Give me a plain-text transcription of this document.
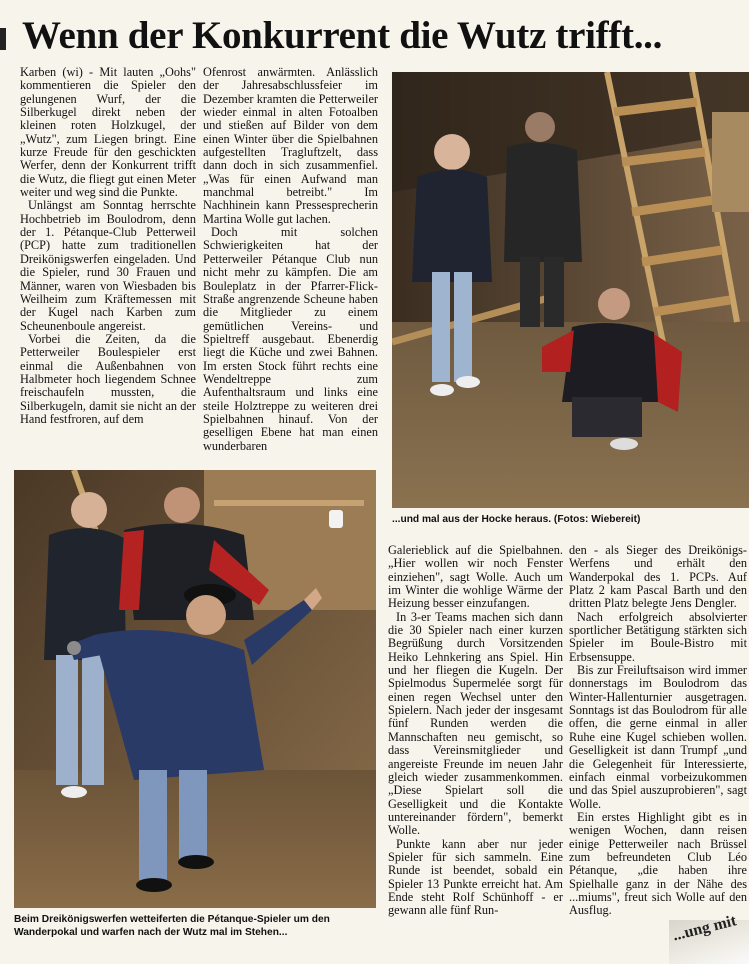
Wenn der Konkurrent die Wutz trifft...

Karben (wi) - Mit lauten „Oohs" kommentieren die Spieler den gelungenen Wurf, der die Silberkugel direkt neben der kleinen roten Holzkugel, der „Wutz", zum Liegen bringt. Eine kurze Freude für den geschickten Werfer, denn der Konkurrent trifft die Wutz, die fliegt gut einen Meter weiter und weg sind die Punkte.

Unlängst am Sonntag herrschte Hochbetrieb im Boulodrom, denn der 1. Pétanque-Club Petterweil (PCP) hatte zum traditionellen Dreikönigswerfen eingeladen. Und die Spieler, rund 30 Frauen und Männer, waren von Wiesbaden bis Weilheim zum Kräftemessen mit der Kugel nach Karben zum Scheunenboule angereist.

Vorbei die Zeiten, da die Petterweiler Boulespieler erst einmal die Außenbahnen von Halbmeter hoch liegendem Schnee freischaufeln mussten, die Silberkugeln, damit sie nicht an der Hand festfroren, auf dem

Ofenrost anwärmten. Anlässlich der Jahresabschlussfeier im Dezember kramten die Petterweiler wieder einmal in alten Fotoalben und stießen auf Bilder von dem einen Winter über die Spielbahnen aufgestellten Tragluftzelt, dass dann doch in sich zusammenfiel. „Was für einen Aufwand man manchmal betreibt." Im Nachhinein kann Pressesprecherin Martina Wolle gut lachen.

Doch mit solchen Schwierigkeiten hat der Petterweiler Pétanque Club nun nicht mehr zu kämpfen. Die am Bouleplatz in der Pfarrer-Flick-Straße angrenzende Scheune haben die Mitglieder zu einem gemütlichen Vereins- und Spieltreff ausgebaut. Ebenerdig liegt die Küche und zwei Bahnen. Im ersten Stock führt rechts eine Wendeltreppe zum Aufenthaltsraum und links eine steile Holztreppe zu weiteren drei Spielbahnen hinauf. Von der geselligen Ebene hat man einen wunderbaren

...und mal aus der Hocke heraus. (Fotos: Wiebereit)
Beim Dreikönigswerfen wetteiferten die Pétanque-Spieler um den Wanderpokal und warfen nach der Wutz mal im Stehen...

Galerieblick auf die Spielbahnen. „Hier wollen wir noch Fenster einziehen", sagt Wolle. Auch um im Winter die wohlige Wärme der Heizung besser einzufangen.

In 3-er Teams machen sich dann die 30 Spieler nach einer kurzen Begrüßung durch Vorsitzenden Heiko Lehnkering ans Spiel. Hin und her fliegen die Kugeln. Der Spielmodus Supermelée sorgt für einen regen Wechsel unter den Spielern. Nach jeder der insgesamt fünf Runden werden die Mannschaften neu gemischt, so dass Vereinsmitglieder und angereiste Freunde im neuen Jahr gleich wieder zusammenkommen. „Diese Spielart soll die Geselligkeit und die Kontakte untereinander fördern", bemerkt Wolle.

Punkte kann aber nur jeder Spieler für sich sammeln. Eine Runde ist beendet, sobald ein Spieler 13 Punkte erreicht hat. Am Ende steht Rolf Schünhoff - er gewann alle fünf Run-

den - als Sieger des Dreikönigs-Werfens und erhält den Wanderpokal des 1. PCPs. Auf Platz 2 kam Pascal Barth und den dritten Platz belegte Jens Dengler.

Nach erfolgreich absolvierter sportlicher Betätigung stärkten sich Spieler im Boule-Bistro mit Erbsensuppe.

Bis zur Freiluftsaison wird immer donnerstags im Boulodrom das Winter-Hallenturnier ausgetragen. Sonntags ist das Boulodrom für alle offen, die gerne einmal in aller Ruhe eine Kugel schieben wollen. Geselligkeit ist dann Trumpf „und die Gelegenheit für Interessierte, einfach einmal vorbeizukommen und das Spiel auszuprobieren", sagt Wolle.

Ein erstes Highlight gibt es in wenigen Wochen, dann reisen einige Petterweiler nach Brüssel zum befreundeten Club Léo Pétanque, „die haben ihre Spielhalle ganz in der Nähe des ...miums", freut sich Wolle auf den Ausflug.

...ung mit
